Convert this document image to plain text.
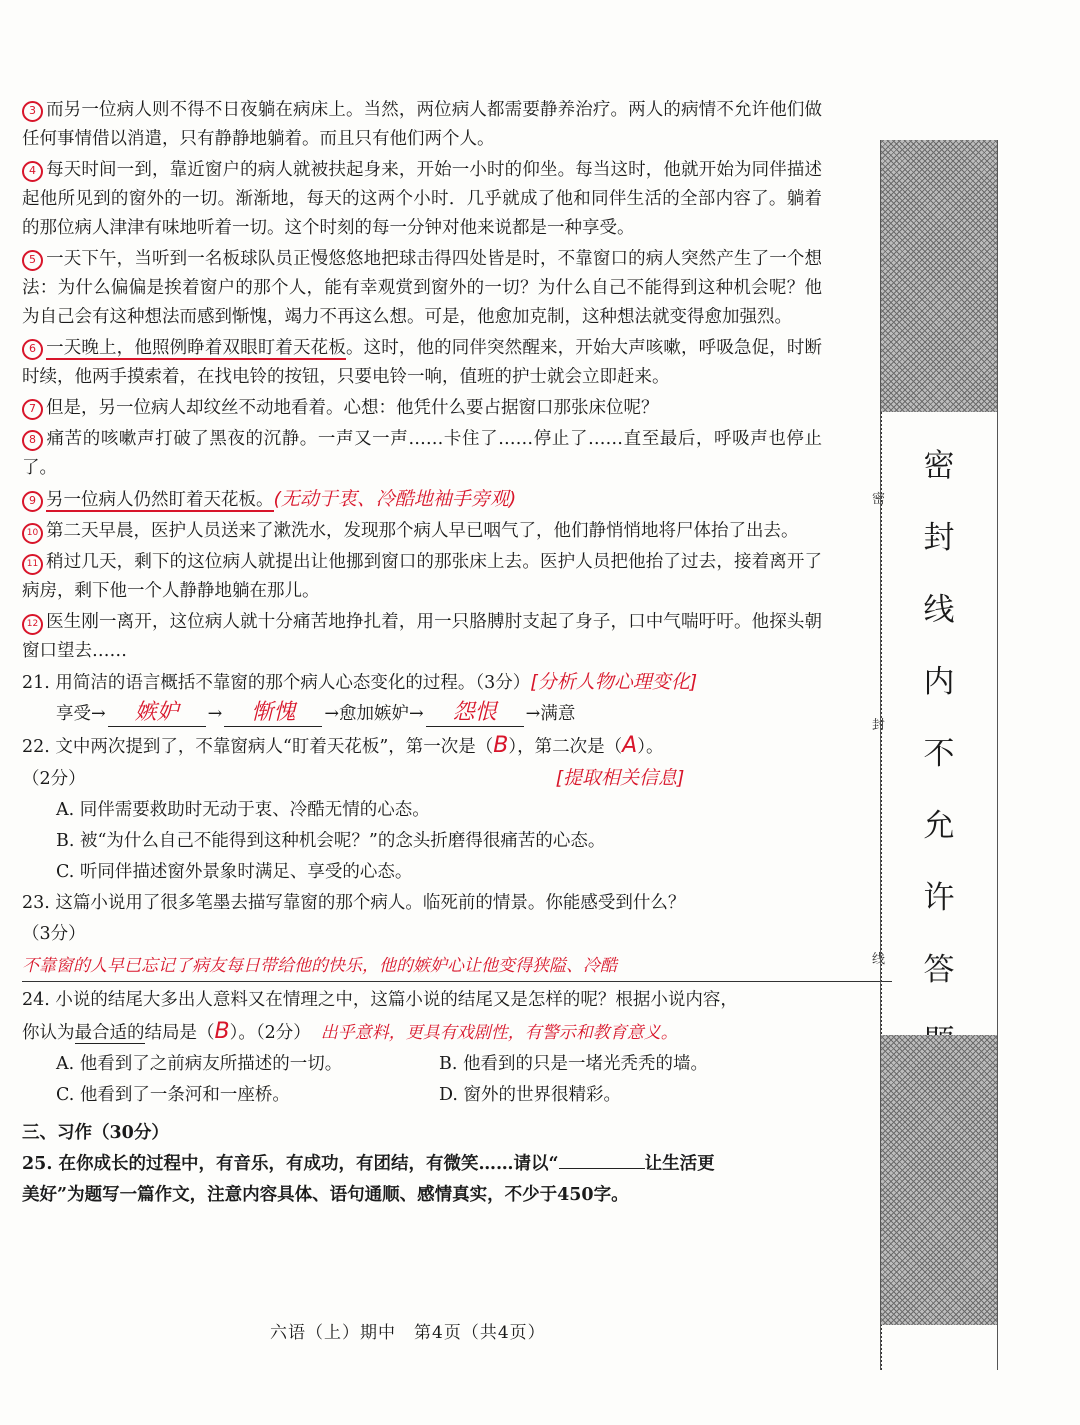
3 而另一位病人则不得不日夜躺在病床上。当然，两位病人都需要静养治疗。两人的病情不允许他们做任何事情借以消遣，只有静静地躺着。而且只有他们两个人。

4 每天时间一到，靠近窗户的病人就被扶起身来，开始一小时的仰坐。每当这时，他就开始为同伴描述起他所见到的窗外的一切。渐渐地，每天的这两个小时．几乎就成了他和同伴生活的全部内容了。躺着的那位病人津津有味地听着一切。这个时刻的每一分钟对他来说都是一种享受。

5 一天下午，当听到一名板球队员正慢悠悠地把球击得四处皆是时，不靠窗口的病人突然产生了一个想法：为什么偏偏是挨着窗户的那个人，能有幸观赏到窗外的一切？为什么自己不能得到这种机会呢？他为自己会有这种想法而感到惭愧，竭力不再这么想。可是，他愈加克制，这种想法就变得愈加强烈。

6 一天晚上，他照例睁着双眼盯着天花板。这时，他的同伴突然醒来，开始大声咳嗽，呼吸急促，时断时续，他两手摸索着，在找电铃的按钮，只要电铃一响，值班的护士就会立即赶来。

7 但是，另一位病人却纹丝不动地看着。心想：他凭什么要占据窗口那张床位呢？

8 痛苦的咳嗽声打破了黑夜的沉静。一声又一声……卡住了……停止了……直至最后，呼吸声也停止了。

9 另一位病人仍然盯着天花板。(无动于衷、冷酷地袖手旁观)

10 第二天早晨，医护人员送来了漱洗水，发现那个病人早已咽气了，他们静悄悄地将尸体抬了出去。

11 稍过几天，剩下的这位病人就提出让他挪到窗口的那张床上去。医护人员把他抬了过去，接着离开了病房，剩下他一个人静静地躺在那儿。

12 医生刚一离开，这位病人就十分痛苦地挣扎着，用一只胳膊肘支起了身子，口中气喘吁吁。他探头朝窗口望去……

21. 用简洁的语言概括不靠窗的那个病人心态变化的过程。（3分）[分析人物心理变化]

享受→ 嫉妒 → 惭愧 →愈加嫉妒→ 怨恨 →满意

22. 文中两次提到了，不靠窗病人“盯着天花板”，第一次是（B），第二次是（A）。

（2分）	[提取相关信息]

A. 同伴需要救助时无动于衷、冷酷无情的心态。

B. 被“为什么自己不能得到这种机会呢？”的念头折磨得很痛苦的心态。

C. 听同伴描述窗外景象时满足、享受的心态。

23. 这篇小说用了很多笔墨去描写靠窗的那个病人。临死前的情景。你能感受到什么？

（3分）

不靠窗的人早已忘记了病友每日带给他的快乐，他的嫉妒心让他变得狭隘、冷酷

24. 小说的结尾大多出人意料又在情理之中，这篇小说的结尾又是怎样的呢？根据小说内容，

你认为最合适的结局是（B）。（2分） 出乎意料，更具有戏剧性，有警示和教育意义。

A. 他看到了之前病友所描述的一切。	B. 他看到的只是一堵光秃秃的墙。
C. 他看到了一条河和一座桥。	D. 窗外的世界很精彩。

三、习作（30分）

25. 在你成长的过程中，有音乐，有成功，有团结，有微笑……请以“	让生活更

美好”为题写一篇作文，注意内容具体、语句通顺、感情真实，不少于450字。

六语（上）期中　第4页（共4页）
密
封
线
密
封
线
内
不
允
许
答
